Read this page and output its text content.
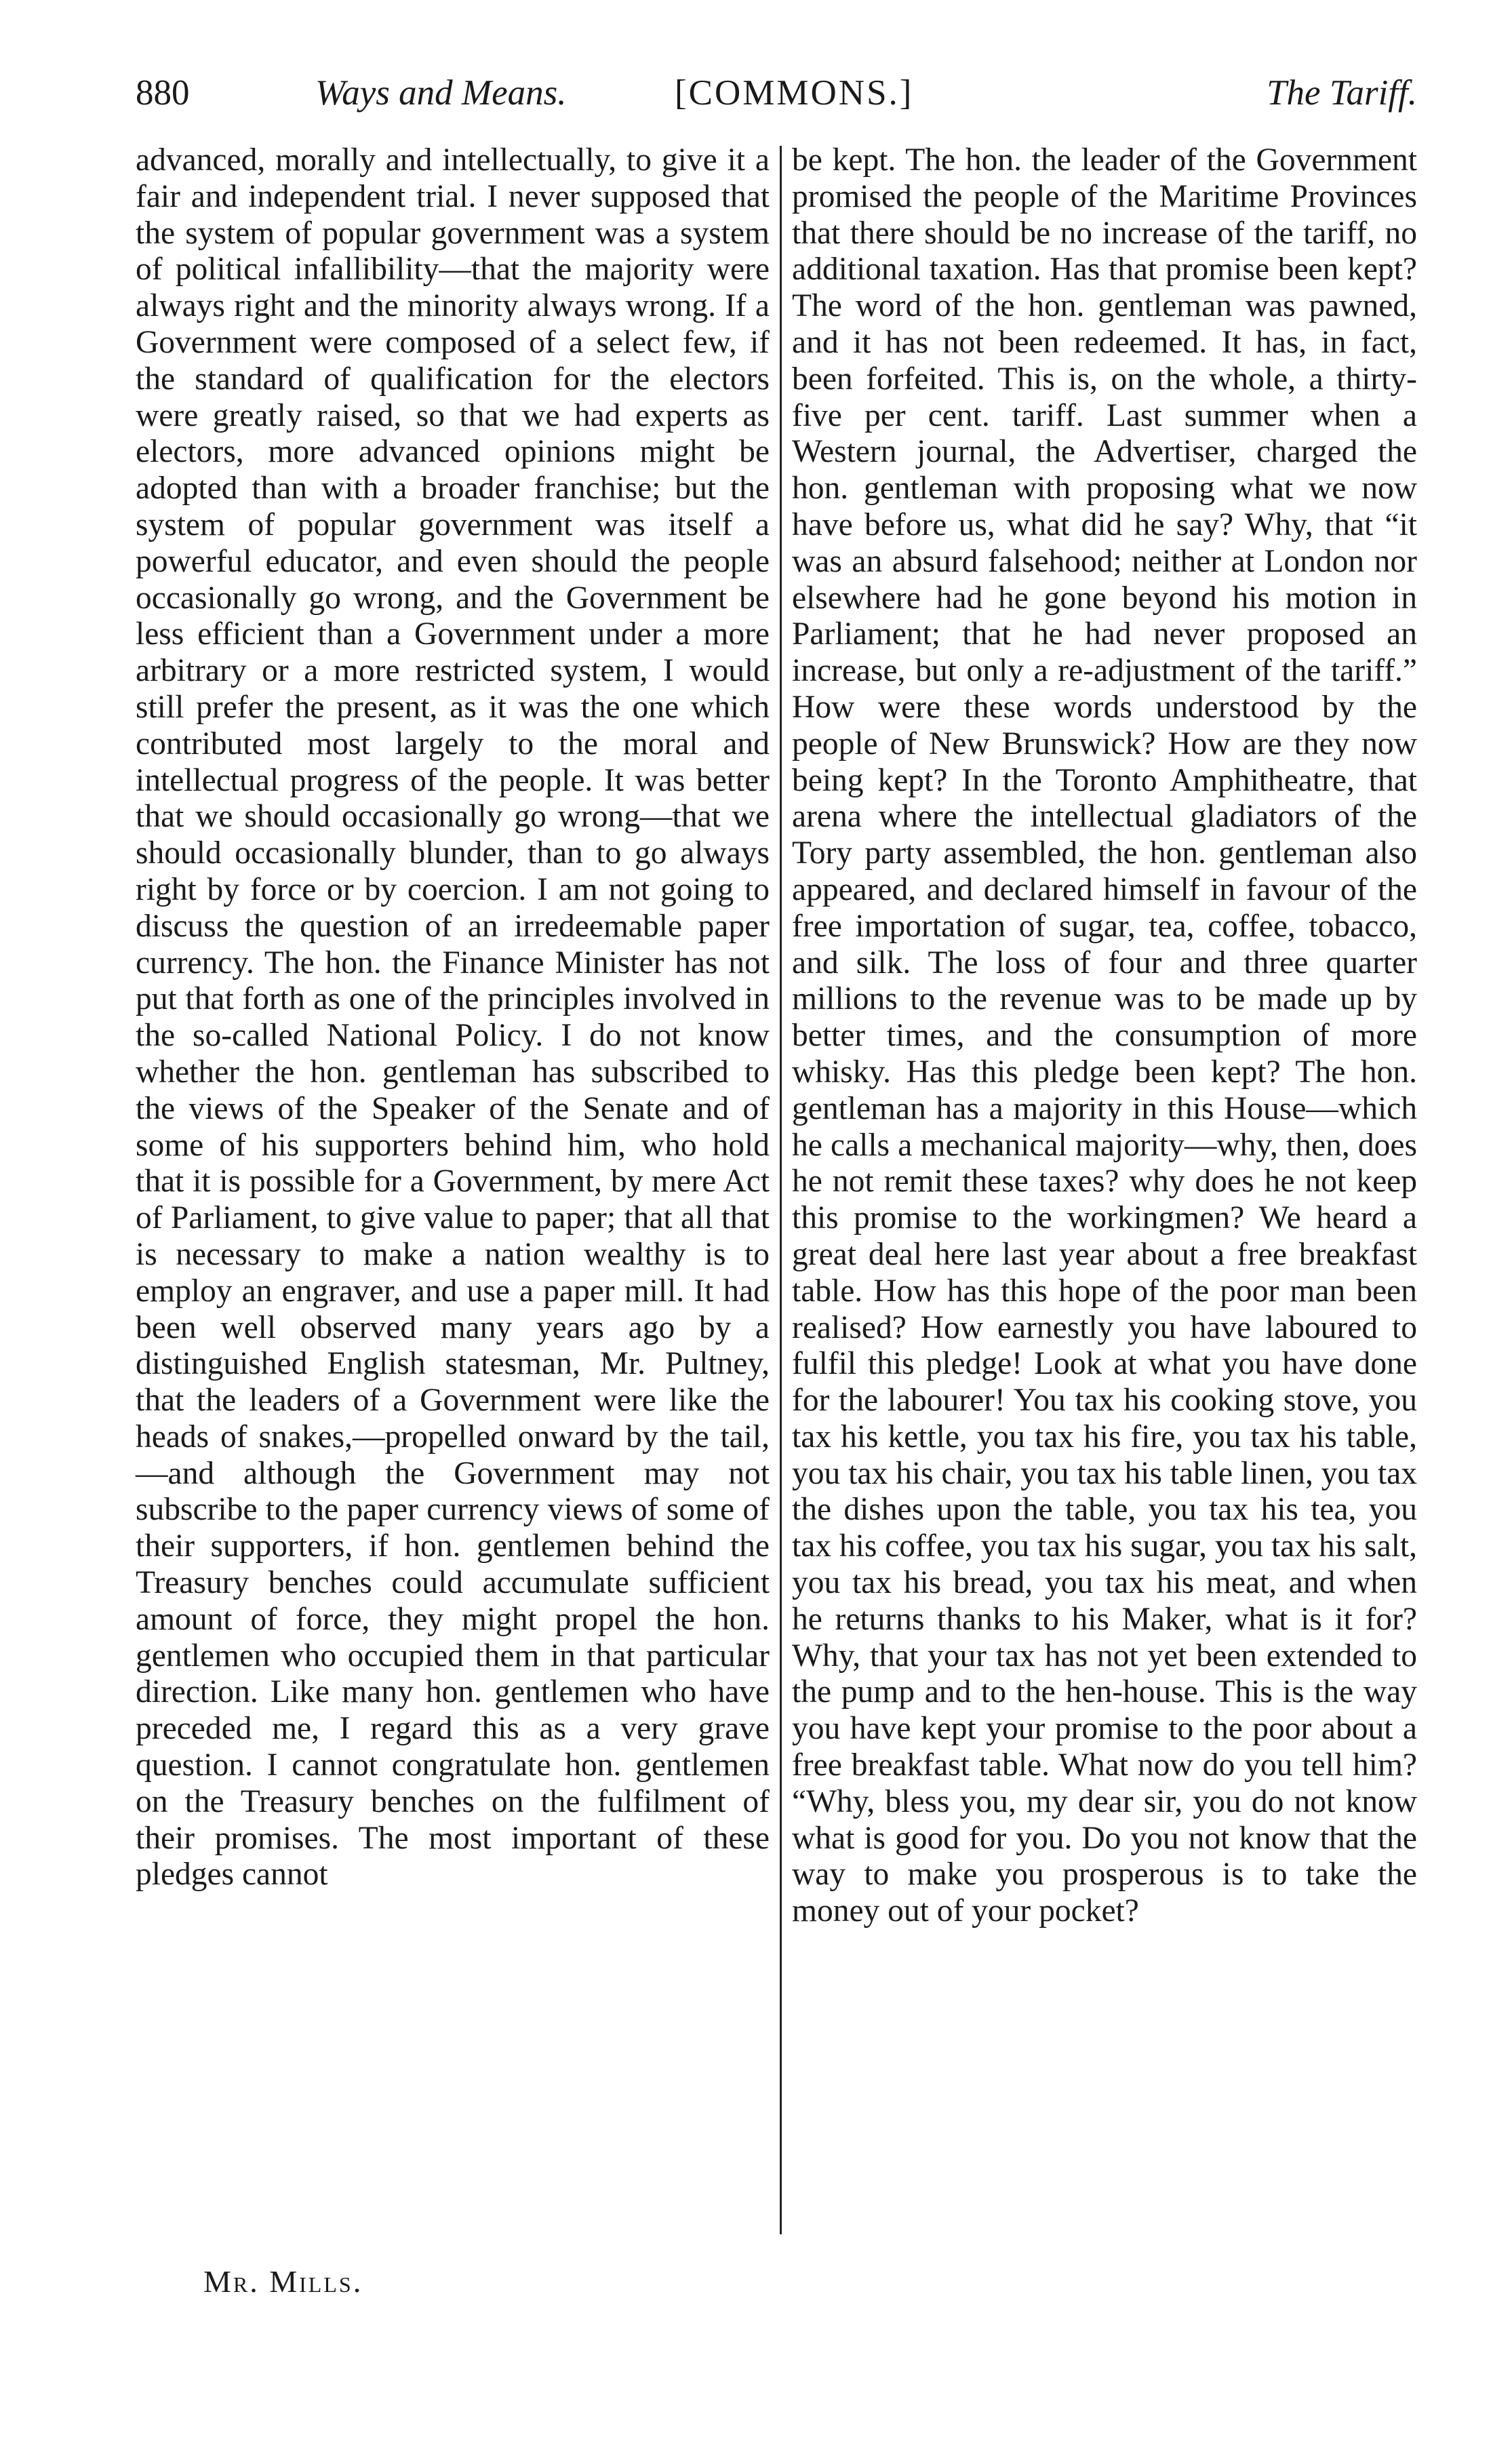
880	Ways and Means.	[COMMONS.]	The Tariff.

advanced, morally and intellectually, to give it a fair and independent trial. I never supposed that the system of popular government was a system of political infallibility—that the majority were always right and the minority always wrong. If a Government were composed of a select few, if the standard of qualification for the electors were greatly raised, so that we had experts as electors, more advanced opinions might be adopted than with a broader franchise; but the system of popular government was itself a powerful educator, and even should the people occasionally go wrong, and the Government be less efficient than a Government under a more arbitrary or a more restricted system, I would still prefer the present, as it was the one which contributed most largely to the moral and intellectual progress of the people. It was better that we should occasionally go wrong—that we should occasionally blunder, than to go always right by force or by coercion. I am not going to discuss the question of an irredeemable paper currency. The hon. the Finance Minister has not put that forth as one of the principles involved in the so-called National Policy. I do not know whether the hon. gentleman has subscribed to the views of the Speaker of the Senate and of some of his supporters behind him, who hold that it is possible for a Government, by mere Act of Parliament, to give value to paper; that all that is necessary to make a nation wealthy is to employ an engraver, and use a paper mill. It had been well observed many years ago by a distinguished English statesman, Mr. Pultney, that the leaders of a Government were like the heads of snakes,—propelled onward by the tail,—and although the Government may not subscribe to the paper currency views of some of their supporters, if hon. gentlemen behind the Treasury benches could accumulate sufficient amount of force, they might propel the hon. gentlemen who occupied them in that particular direction. Like many hon. gentlemen who have preceded me, I regard this as a very grave question. I cannot congratulate hon. gentlemen on the Treasury benches on the fulfilment of their promises. The most important of these pledges cannot

be kept. The hon. the leader of the Government promised the people of the Maritime Provinces that there should be no increase of the tariff, no additional taxation. Has that promise been kept? The word of the hon. gentleman was pawned, and it has not been redeemed. It has, in fact, been forfeited. This is, on the whole, a thirty-five per cent. tariff. Last summer when a Western journal, the Advertiser, charged the hon. gentleman with proposing what we now have before us, what did he say? Why, that “it was an absurd falsehood; neither at London nor elsewhere had he gone beyond his motion in Parliament; that he had never proposed an increase, but only a re-adjustment of the tariff.” How were these words understood by the people of New Brunswick? How are they now being kept? In the Toronto Amphitheatre, that arena where the intellectual gladiators of the Tory party assembled, the hon. gentleman also appeared, and declared himself in favour of the free importation of sugar, tea, coffee, tobacco, and silk. The loss of four and three quarter millions to the revenue was to be made up by better times, and the consumption of more whisky. Has this pledge been kept? The hon. gentleman has a majority in this House—which he calls a mechanical majority—why, then, does he not remit these taxes? why does he not keep this promise to the workingmen? We heard a great deal here last year about a free breakfast table. How has this hope of the poor man been realised? How earnestly you have laboured to fulfil this pledge! Look at what you have done for the labourer! You tax his cooking stove, you tax his kettle, you tax his fire, you tax his table, you tax his chair, you tax his table linen, you tax the dishes upon the table, you tax his tea, you tax his coffee, you tax his sugar, you tax his salt, you tax his bread, you tax his meat, and when he returns thanks to his Maker, what is it for? Why, that your tax has not yet been extended to the pump and to the hen-house. This is the way you have kept your promise to the poor about a free breakfast table. What now do you tell him? “Why, bless you, my dear sir, you do not know what is good for you. Do you not know that the way to make you prosperous is to take the money out of your pocket?

Mr. Mills.
